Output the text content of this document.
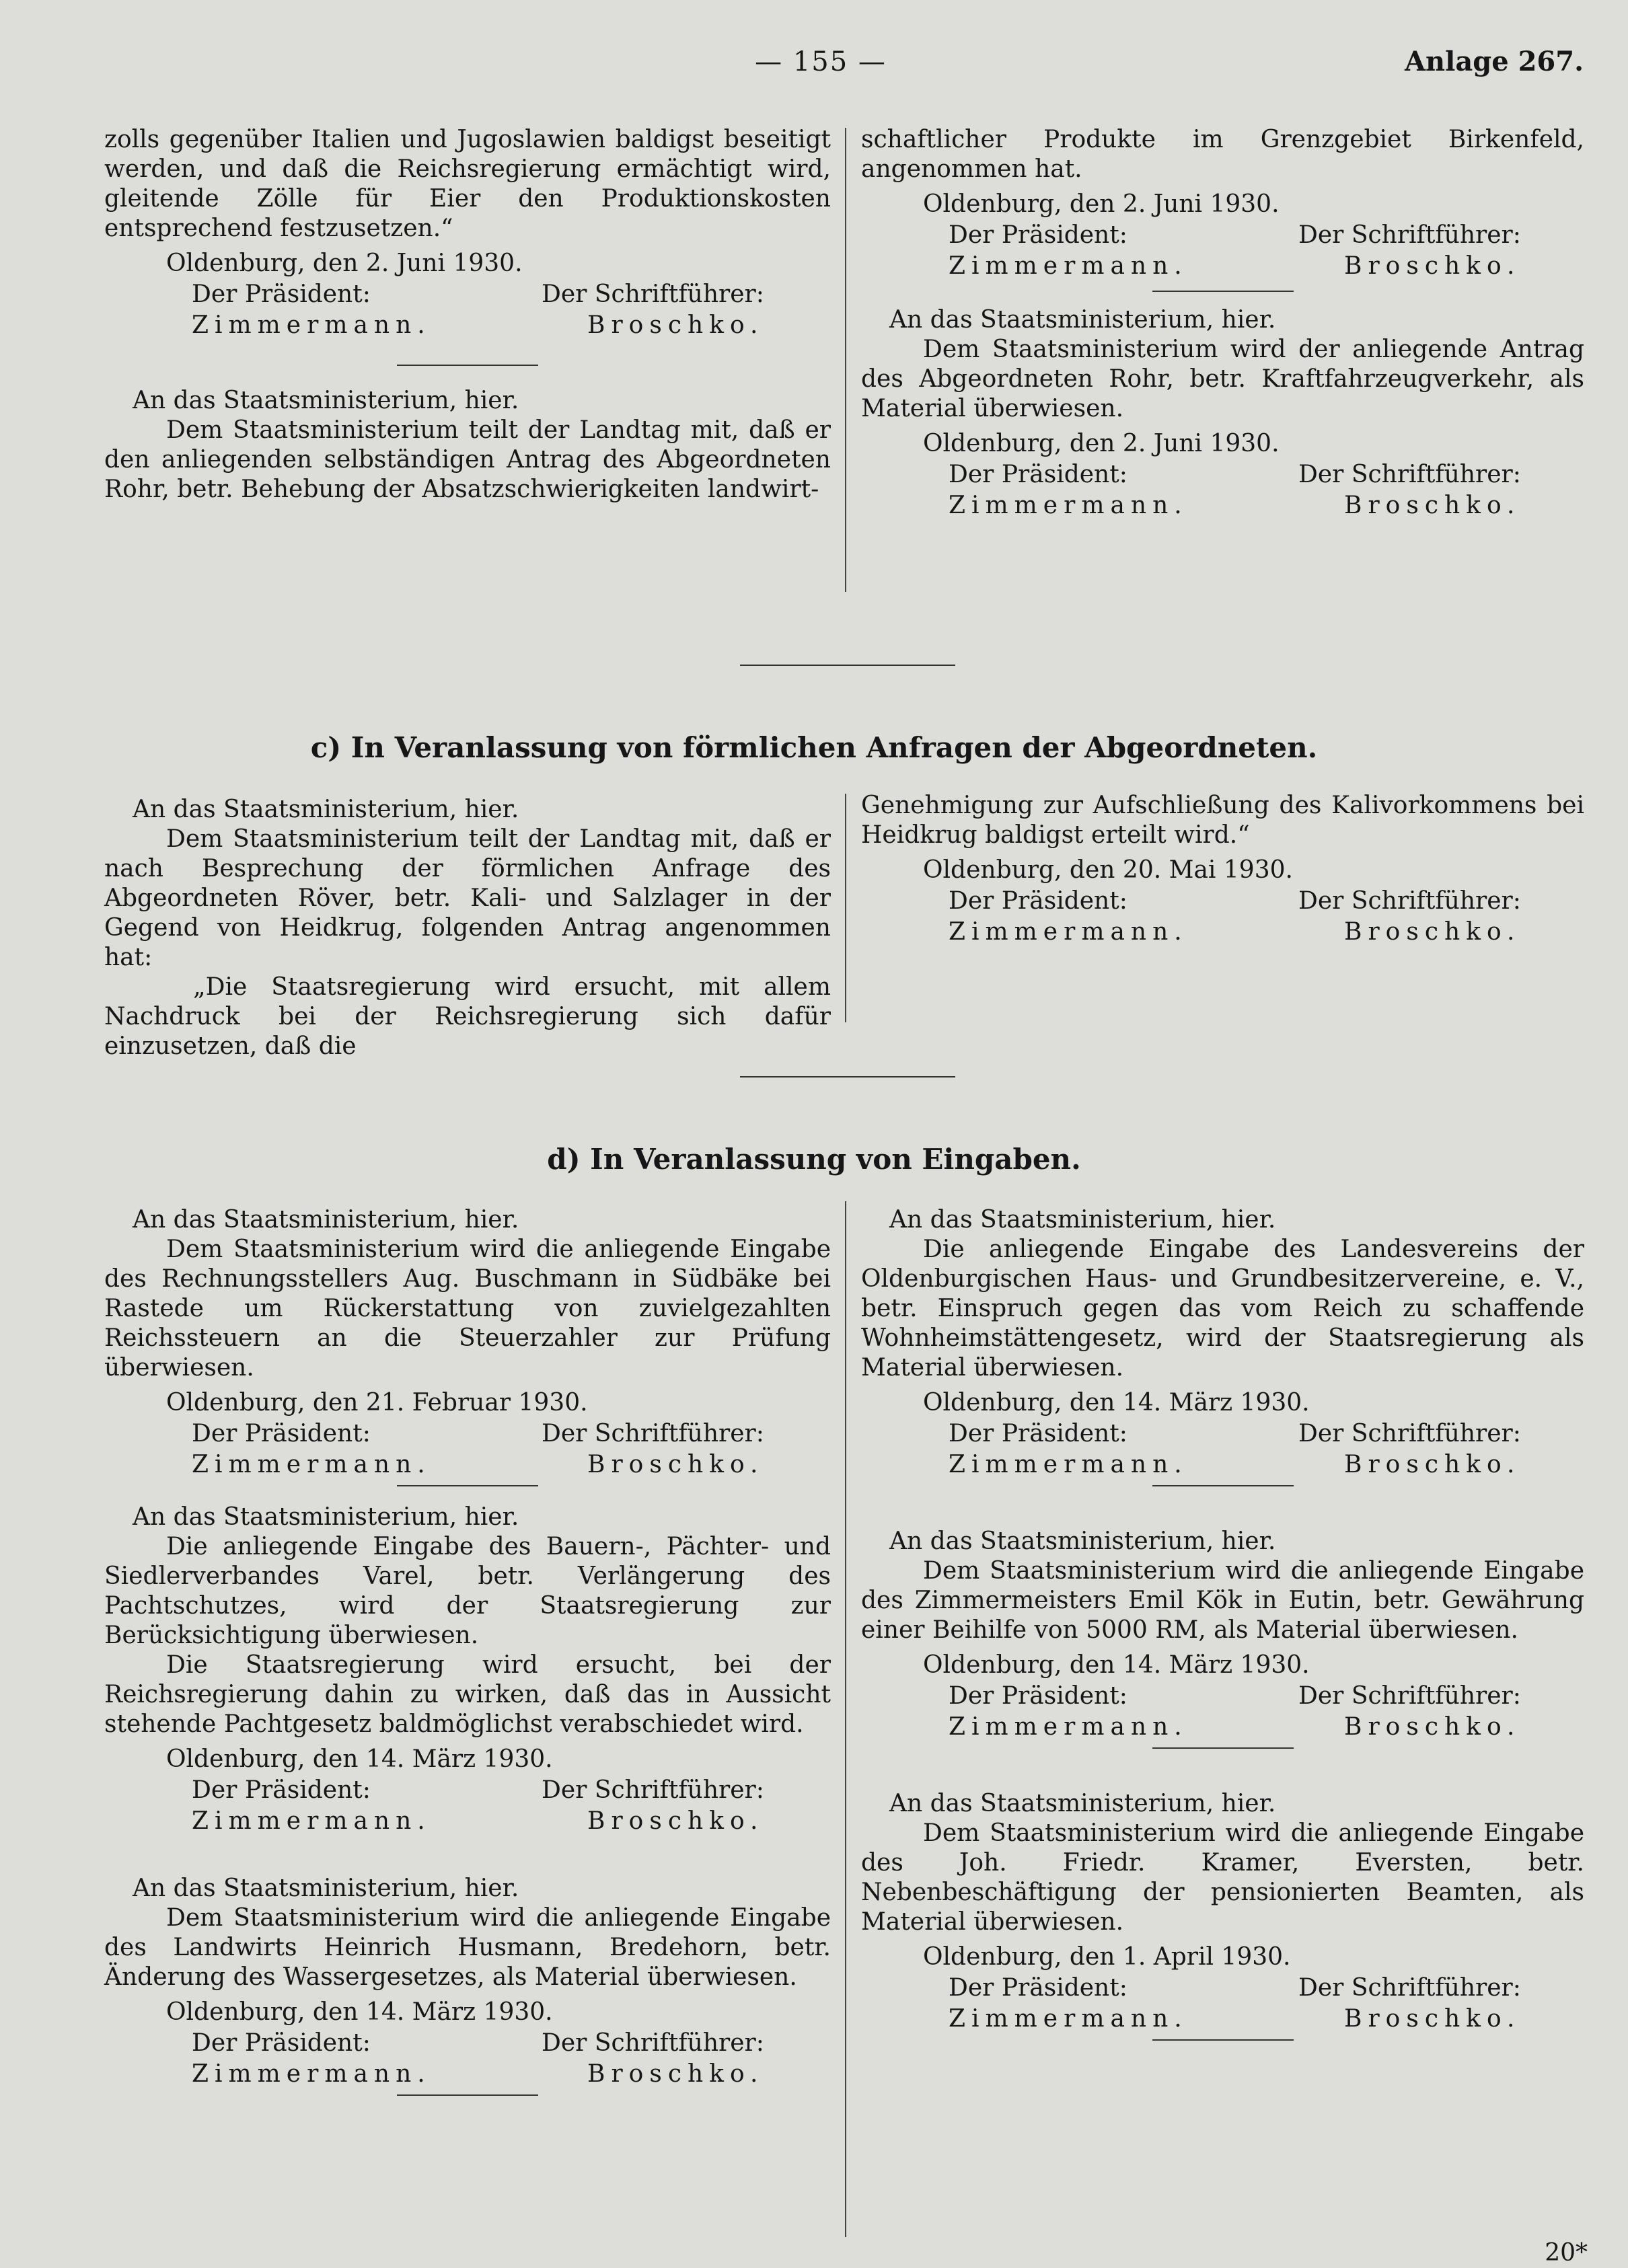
— 155 —	Anlage 267.

zolls gegenüber Italien und Jugoslawien baldigst beseitigt werden, und daß die Reichsregierung ermächtigt wird, gleitende Zölle für Eier den Produktionskosten entsprechend festzusetzen.“

Oldenburg, den 2. Juni 1930.

Der Präsident:	Der Schriftführer:
Zimmermann.	Broschko.

An das Staatsministerium, hier.

Dem Staatsministerium teilt der Landtag mit, daß er den anliegenden selbständigen Antrag des Abgeordneten Rohr, betr. Behebung der Absatzschwierigkeiten landwirt-

schaftlicher Produkte im Grenzgebiet Birkenfeld, angenommen hat.

Oldenburg, den 2. Juni 1930.

Der Präsident:	Der Schriftführer:
Zimmermann.	Broschko.

An das Staatsministerium, hier.

Dem Staatsministerium wird der anliegende Antrag des Abgeordneten Rohr, betr. Kraftfahrzeugverkehr, als Material überwiesen.

Oldenburg, den 2. Juni 1930.

Der Präsident:	Der Schriftführer:
Zimmermann.	Broschko.
c) In Veranlassung von förmlichen Anfragen der Abgeordneten.

An das Staatsministerium, hier.

Dem Staatsministerium teilt der Landtag mit, daß er nach Besprechung der förmlichen Anfrage des Abgeordneten Röver, betr. Kali- und Salzlager in der Gegend von Heidkrug, folgenden Antrag angenommen hat:

„Die Staatsregierung wird ersucht, mit allem Nachdruck bei der Reichsregierung sich dafür einzusetzen, daß die

Genehmigung zur Aufschließung des Kalivorkommens bei Heidkrug baldigst erteilt wird.“

Oldenburg, den 20. Mai 1930.

Der Präsident:	Der Schriftführer:
Zimmermann.	Broschko.
d) In Veranlassung von Eingaben.

An das Staatsministerium, hier.

Dem Staatsministerium wird die anliegende Eingabe des Rechnungsstellers Aug. Buschmann in Südbäke bei Rastede um Rückerstattung von zuvielgezahlten Reichssteuern an die Steuerzahler zur Prüfung überwiesen.

Oldenburg, den 21. Februar 1930.

Der Präsident:	Der Schriftführer:
Zimmermann.	Broschko.

An das Staatsministerium, hier.

Die anliegende Eingabe des Bauern-, Pächter- und Siedlerverbandes Varel, betr. Verlängerung des Pachtschutzes, wird der Staatsregierung zur Berücksichtigung überwiesen.

Die Staatsregierung wird ersucht, bei der Reichsregierung dahin zu wirken, daß das in Aussicht stehende Pachtgesetz baldmöglichst verabschiedet wird.

Oldenburg, den 14. März 1930.

Der Präsident:	Der Schriftführer:
Zimmermann.	Broschko.

An das Staatsministerium, hier.

Dem Staatsministerium wird die anliegende Eingabe des Landwirts Heinrich Husmann, Bredehorn, betr. Änderung des Wassergesetzes, als Material überwiesen.

Oldenburg, den 14. März 1930.

Der Präsident:	Der Schriftführer:
Zimmermann.	Broschko.

An das Staatsministerium, hier.

Die anliegende Eingabe des Landesvereins der Oldenburgischen Haus- und Grundbesitzervereine, e. V., betr. Einspruch gegen das vom Reich zu schaffende Wohnheimstättengesetz, wird der Staatsregierung als Material überwiesen.

Oldenburg, den 14. März 1930.

Der Präsident:	Der Schriftführer:
Zimmermann.	Broschko.

An das Staatsministerium, hier.

Dem Staatsministerium wird die anliegende Eingabe des Zimmermeisters Emil Kök in Eutin, betr. Gewährung einer Beihilfe von 5000 RM, als Material überwiesen.

Oldenburg, den 14. März 1930.

Der Präsident:	Der Schriftführer:
Zimmermann.	Broschko.

An das Staatsministerium, hier.

Dem Staatsministerium wird die anliegende Eingabe des Joh. Friedr. Kramer, Eversten, betr. Nebenbeschäftigung der pensionierten Beamten, als Material überwiesen.

Oldenburg, den 1. April 1930.

Der Präsident:	Der Schriftführer:
Zimmermann.	Broschko.
20*
